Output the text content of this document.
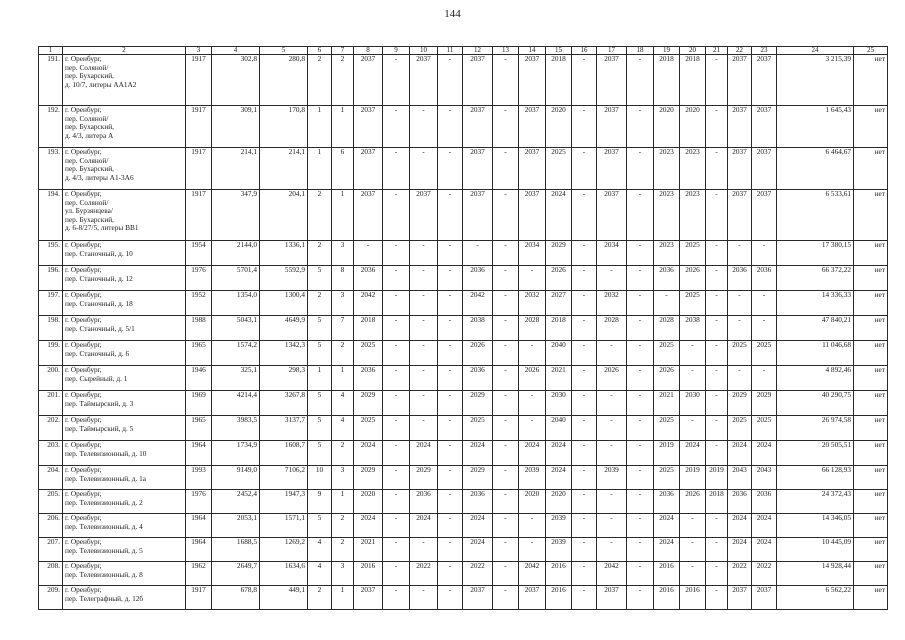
144
1	2	3	4	5	6	7	8	9	10	11	12	13	14	15	16	17	18	19	20	21	22	23	24	25
191.	г. Оренбург,
пер. Соляной/
пер. Бухарский,
д. 10/7, литеры АА1А2	1917	302,8	280,8	2	2	2037	-	2037	-	2037	-	2037	2018	-	2037	-	2018	2018	-	2037	2037	3 215,39	нет
192.	г. Оренбург,
пер. Соляной/
пер. Бухарский,
д. 4/3, литера А	1917	309,1	170,8	1	1	2037	-	-	-	2037	-	2037	2020	-	2037	-	2020	2020	-	2037	2037	1 645,43	нет
193.	г. Оренбург,
пер. Соляной/
пер. Бухарский,
д. 4/3, литеры А1-3А6	1917	214,1	214,1	1	6	2037	-	-	-	2037	-	2037	2025	-	2037	-	2023	2023	-	2037	2037	6 464,67	нет
194.	г. Оренбург,
пер. Соляной/
ул. Бурзянцева/
пер. Бухарский,
д. 6-8/27/5, литеры ВВ1	1917	347,9	204,1	2	1	2037	-	2037	-	2037	-	2037	2024	-	2037	-	2023	2023	-	2037	2037	6 533,61	нет
195.	г. Оренбург,
пер. Станочный, д. 10	1954	2144,0	1336,1	2	3	-	-	-	-	-	-	2034	2029	-	2034	-	2023	2025	-	-	-	17 380,15	нет
196.	г. Оренбург,
пер. Станочный, д. 12	1976	5701,4	5592,9	5	8	2036	-	-	-	2036	-	-	2026	-	-	-	2036	2026	-	2036	2036	66 372,22	нет
197.	г. Оренбург,
пер. Станочный, д. 18	1952	1354,0	1300,4	2	3	2042	-	-	-	2042	-	2032	2027	-	2032	-	-	2025	-	-	-	14 336,33	нет
198.	г. Оренбург,
пер. Станочный, д. 5/1	1988	5043,1	4649,9	5	7	2018	-	-	-	2038	-	2028	2018	-	2028	-	2028	2038	-	-	-	47 840,21	нет
199.	г. Оренбург,
пер. Станочный, д. 6	1965	1574,2	1342,3	5	2	2025	-	-	-	2026	-	-	2040	-	-	-	2025	-	-	2025	2025	11 046,68	нет
200.	г. Оренбург,
пер. Сырейный, д. 1	1946	325,1	298,3	1	1	2036	-	-	-	2036	-	2026	2021	-	2026	-	2026	-	-	-	-	4 892,46	нет
201.	г. Оренбург,
пер. Таймырский, д. 3	1969	4214,4	3267,8	5	4	2029	-	-	-	2029	-	-	2030	-	-	-	2021	2030	-	2029	2029	40 290,75	нет
202.	г. Оренбург,
пер. Таймырский, д. 5	1965	3983,5	3137,7	5	4	2025	-	-	-	2025	-	-	2040	-	-	-	2025	-	-	2025	2025	26 974,58	нет
203.	г. Оренбург,
пер. Телевизионный, д. 10	1964	1734,9	1608,7	5	2	2024	-	2024	-	2024	-	2024	2024	-	-	-	2019	2024	-	2024	2024	20 505,51	нет
204.	г. Оренбург,
пер. Телевизионный, д. 1а	1993	9149,0	7106,2	10	3	2029	-	2029	-	2029	-	2039	2024	-	2039	-	2025	2019	2019	2043	2043	66 128,93	нет
205.	г. Оренбург,
пер. Телевизионный, д. 2	1976	2452,4	1947,3	9	1	2020	-	2036	-	2036	-	2020	2020	-	-	-	2036	2026	2018	2036	2036	24 372,43	нет
206.	г. Оренбург,
пер. Телевизионный, д. 4	1964	2053,1	1571,1	5	2	2024	-	2024	-	2024	-	-	2039	-	-	-	2024	-	-	2024	2024	14 346,05	нет
207.	г. Оренбург,
пер. Телевизионный, д. 5	1964	1688,5	1269,2	4	2	2021	-	-	-	2024	-	-	2039	-	-	-	2024	-	-	2024	2024	10 445,09	нет
208.	г. Оренбург,
пер. Телевизионный, д. 8	1962	2649,7	1634,6	4	3	2016	-	2022	-	2022	-	2042	2016	-	2042	-	2016	-	-	2022	2022	14 928,44	нет
209.	г. Оренбург,
пер. Телеграфный, д. 12б	1917	678,8	449,1	2	1	2037	-	-	-	2037	-	2037	2016	-	2037	-	2016	2016	-	2037	2037	6 562,22	нет
